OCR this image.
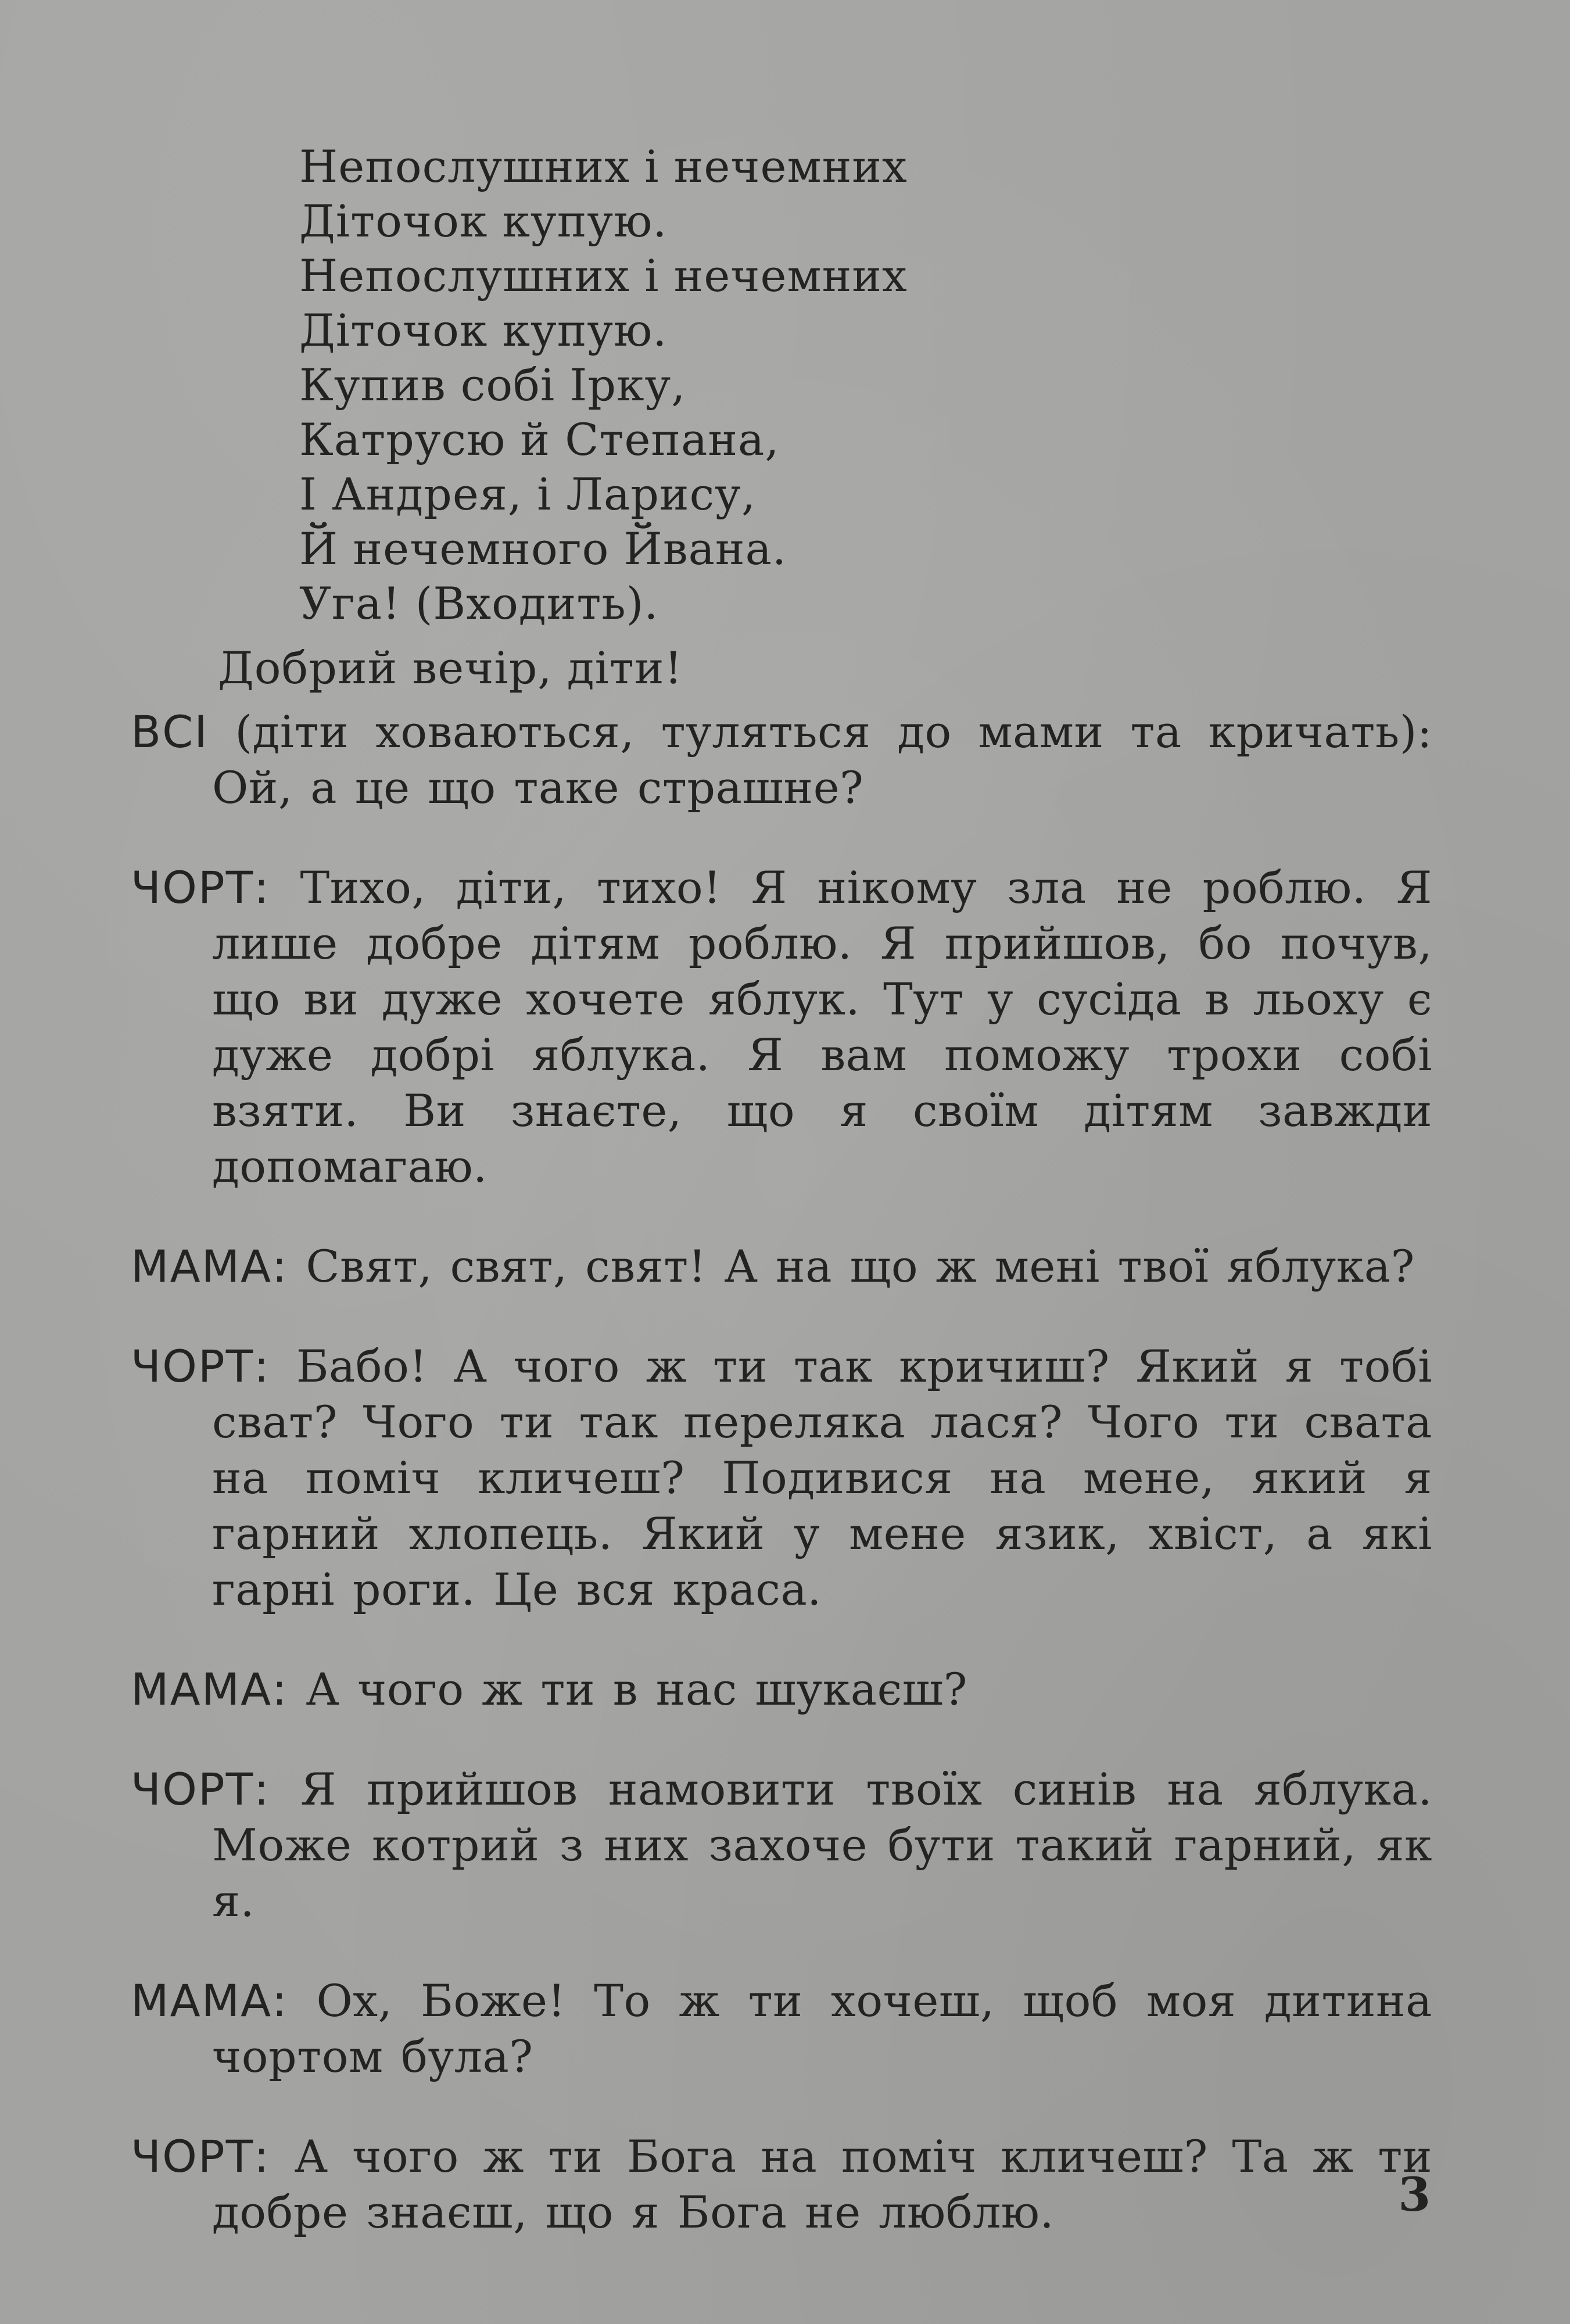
Непослушних і нечемних
Діточок купую.
Непослушних і нечемних
Діточок купую.
Купив собі Ірку,
Катрусю й Степана,
І Андрея, і Ларису,
Й нечемного Йвана.
Уга! (Входить).
Добрий вечір, діти!

ВСІ (діти ховаються, туляться до мами та кричать): Ой, а це що таке страшне?

ЧОРТ: Тихо, діти, тихо! Я нікому зла не роблю. Я лише добре дітям роблю. Я прийшов, бо почув, що ви дуже хочете яблук. Тут у сусіда в льоху є дуже добрі яблука. Я вам поможу трохи собі взяти. Ви знаєте, що я своїм дітям завжди допомагаю.

МАМА: Свят, свят, свят! А на що ж мені твої яблука?

ЧОРТ: Бабо! А чого ж ти так кричиш? Який я тобі сват? Чого ти так переляка лася? Чого ти свата на поміч кличеш? Подивися на мене, який я гарний хлопець. Який у мене язик, хвіст, а які гарні роги. Це вся краса.

МАМА: А чого ж ти в нас шукаєш?

ЧОРТ: Я прийшов намовити твоїх синів на яблука. Може котрий з них захоче бути такий гарний, як я.

МАМА: Ох, Боже! То ж ти хочеш, щоб моя дитина чортом була?

ЧОРТ: А чого ж ти Бога на поміч кличеш? Та ж ти добре знаєш, що я Бога не люблю.	3
